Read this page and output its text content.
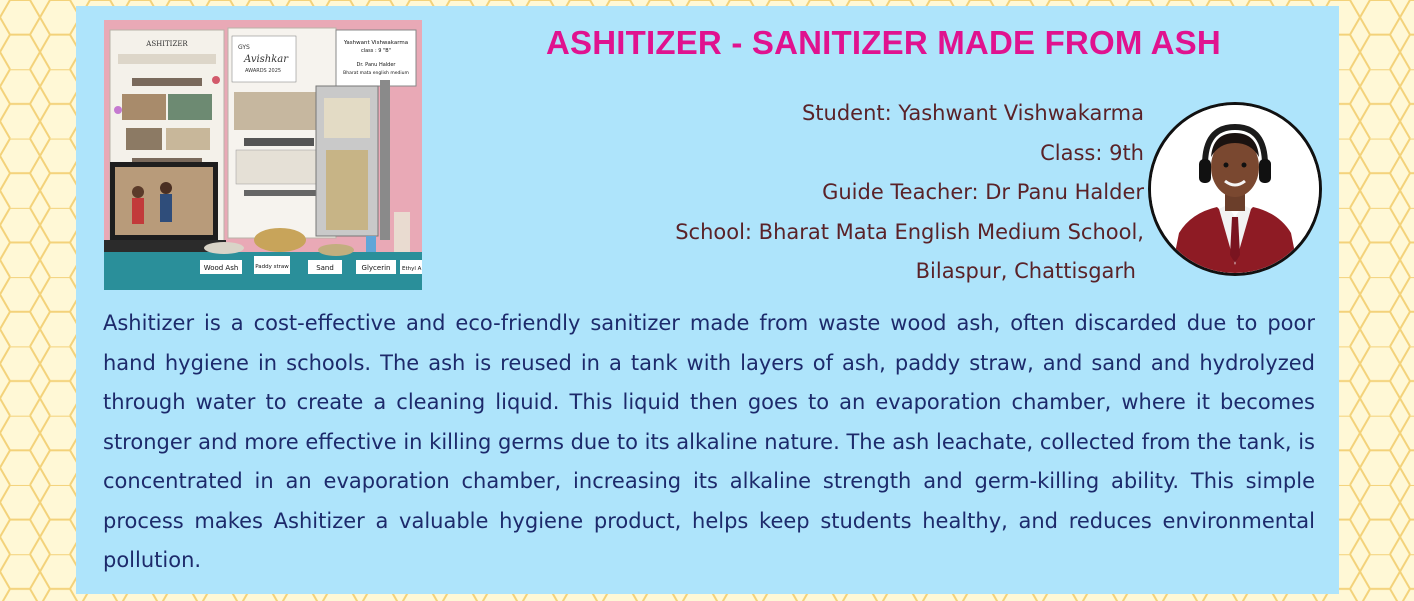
ASHITIZER	GYS
Avishkar
AWARDS 2025
Yashwant Vishwakarma
class : 9 "B"
Dr. Panu Halder
Bharat mata english medium
Wood Ash	Paddy straw	Sand	Glycerin Ethyl A
ASHITIZER - SANITIZER MADE FROM ASH
Student: Yashwant Vishwakarma
Class: 9th
Guide Teacher: Dr Panu Halder
School: Bharat Mata English Medium School,
Bilaspur, Chattisgarh

Ashitizer is a cost-effective and eco-friendly sanitizer made from waste wood ash, often discarded due to poor hand hygiene in schools. The ash is reused in a tank with layers of ash, paddy straw, and sand and hydrolyzed through water to create a cleaning liquid. This liquid then goes to an evaporation chamber, where it becomes stronger and more effective in killing germs due to its alkaline nature. The ash leachate, collected from the tank, is concentrated in an evaporation chamber, increasing its alkaline strength and germ-killing ability. This simple process makes Ashitizer a valuable hygiene product, helps keep students healthy, and reduces environmental pollution.
